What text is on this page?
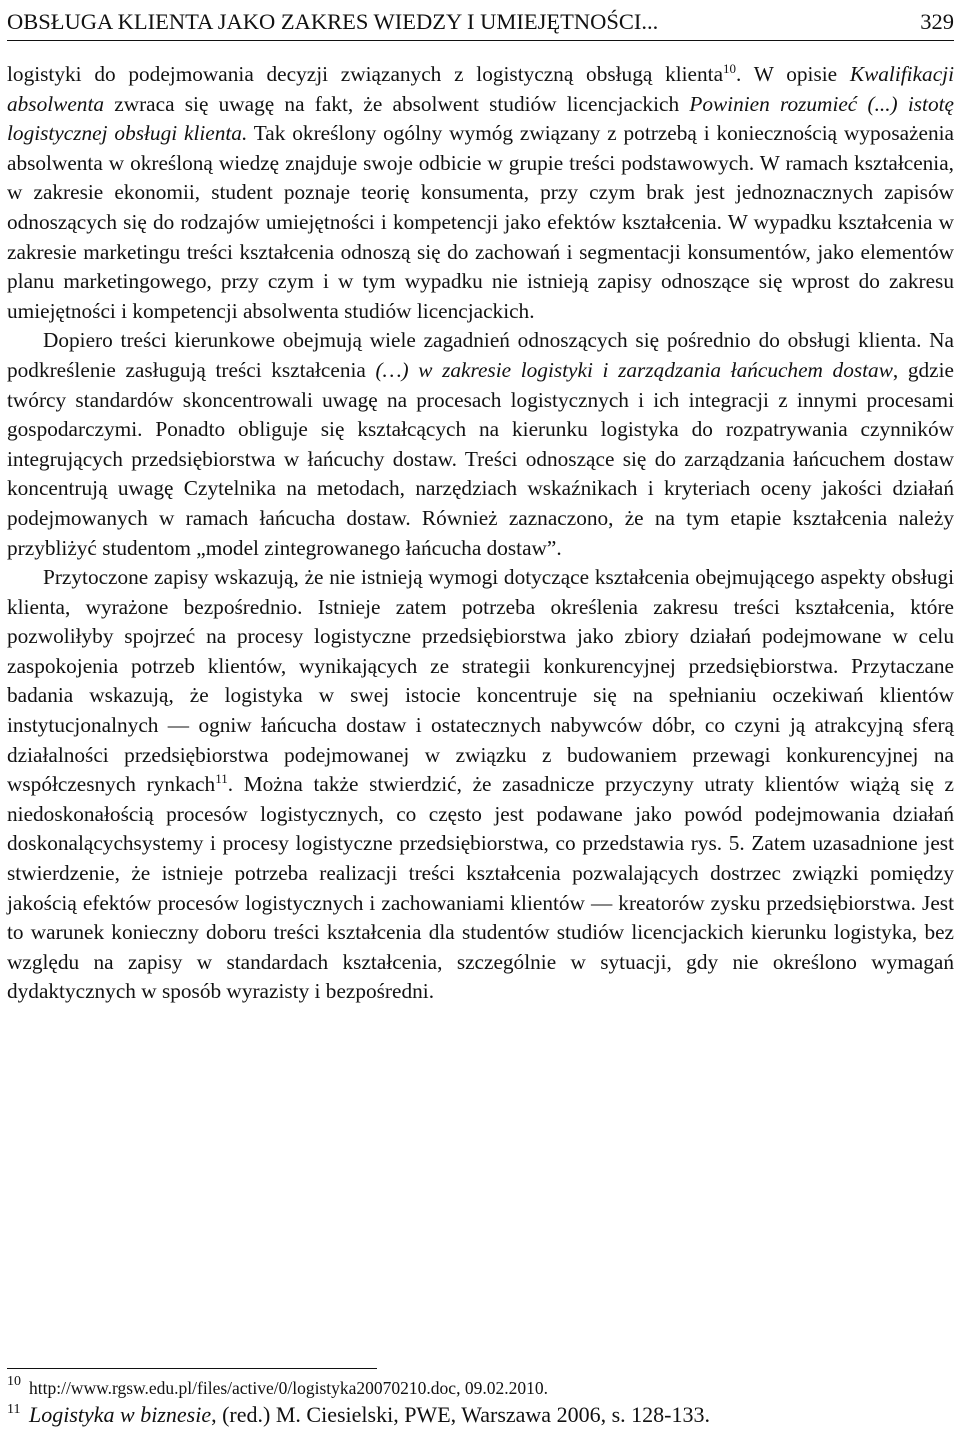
OBSŁUGA KLIENTA JAKO ZAKRES WIEDZY I UMIEJĘTNOŚCI...	329

logistyki do podejmowania decyzji związanych z logistyczną obsługą klienta$^{10}$. W opisie Kwalifikacji absolwenta zwraca się uwagę na fakt, że absolwent studiów licencjackich Powinien rozumieć (...) istotę logistycznej obsługi klienta. Tak określony ogólny wymóg związany z potrzebą i koniecznością wyposażenia absolwenta w określoną wiedzę znajduje swoje odbicie w grupie treści podstawowych. W ramach kształcenia, w zakresie ekonomii, student poznaje teorię konsumenta, przy czym brak jest jednoznacznych zapisów odnoszących się do rodzajów umiejętności i kompetencji jako efektów kształcenia. W wypadku kształcenia w zakresie marketingu treści kształcenia odnoszą się do zachowań i segmentacji konsumentów, jako elementów planu marketingowego, przy czym i w tym wypadku nie istnieją zapisy odnoszące się wprost do zakresu umiejętności i kompetencji absolwenta studiów licencjackich.

Dopiero treści kierunkowe obejmują wiele zagadnień odnoszących się pośrednio do obsługi klienta. Na podkreślenie zasługują treści kształcenia (…) w zakresie logistyki i zarządzania łańcuchem dostaw, gdzie twórcy standardów skoncentrowali uwagę na procesach logistycznych i ich integracji z innymi procesami gospodarczymi. Ponadto obliguje się kształcących na kierunku logistyka do rozpatrywania czynników integrujących przedsiębiorstwa w łańcuchy dostaw. Treści odnoszące się do zarządzania łańcuchem dostaw koncentrują uwagę Czytelnika na metodach, narzędziach wskaźnikach i kryteriach oceny jakości działań podejmowanych w ramach łańcucha dostaw. Również zaznaczono, że na tym etapie kształcenia należy przybliżyć studentom „model zintegrowanego łańcucha dostaw”.

Przytoczone zapisy wskazują, że nie istnieją wymogi dotyczące kształcenia obejmującego aspekty obsługi klienta, wyrażone bezpośrednio. Istnieje zatem potrzeba określenia zakresu treści kształcenia, które pozwoliłyby spojrzeć na procesy logistyczne przedsiębiorstwa jako zbiory działań podejmowane w celu zaspokojenia potrzeb klientów, wynikających ze strategii konkurencyjnej przedsiębiorstwa. Przytaczane badania wskazują, że logistyka w swej istocie koncentruje się na spełnianiu oczekiwań klientów instytucjonalnych — ogniw łańcucha dostaw i ostatecznych nabywców dóbr, co czyni ją atrakcyjną sferą działalności przedsiębiorstwa podejmowanej w związku z budowaniem przewagi konkurencyjnej na współczesnych rynkach$^{11}$. Można także stwierdzić, że zasadnicze przyczyny utraty klientów wiążą się z niedoskonałością procesów logistycznych, co często jest podawane jako powód podejmowania działań doskonalącychsystemy i procesy logistyczne przedsiębiorstwa, co przedstawia rys. 5. Zatem uzasadnione jest stwierdzenie, że istnieje potrzeba realizacji treści kształcenia pozwalających dostrzec związki pomiędzy jakością efektów procesów logistycznych i zachowaniami klientów — kreatorów zysku przedsiębiorstwa. Jest to warunek konieczny doboru treści kształcenia dla studentów studiów licencjackich kierunku logistyka, bez względu na zapisy w standardach kształcenia, szczególnie w sytuacji, gdy nie określono wymagań dydaktycznych w sposób wyrazisty i bezpośredni.

10 http://www.rgsw.edu.pl/files/active/0/logistyka20070210.doc, 09.02.2010.
11 Logistyka w biznesie, (red.) M. Ciesielski, PWE, Warszawa 2006, s. 128-133.
